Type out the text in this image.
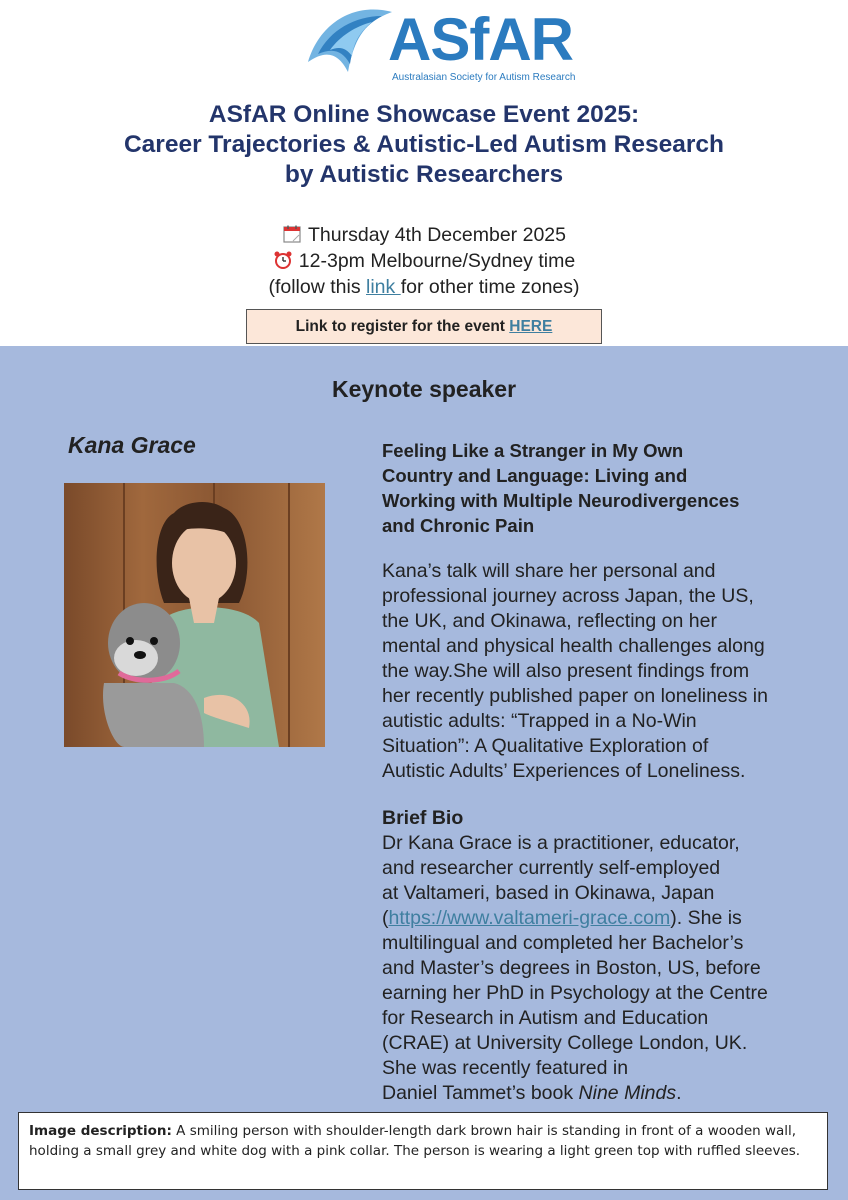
ASfAR
Australasian Society for Autism Research
ASfAR Online Showcase Event 2025:
Career Trajectories & Autistic-Led Autism Research
by Autistic Researchers
Thursday 4th December 2025
12-3pm Melbourne/Sydney time
(follow this link for other time zones)
Link to register for the event HERE
Keynote speaker
Kana Grace	Feeling Like a Stranger in My Own
Country and Language: Living and
Working with Multiple Neurodivergences
and Chronic Pain
Kana’s talk will share her personal and
professional journey across Japan, the US,
the UK, and Okinawa, reflecting on her
mental and physical health challenges along
the way.She will also present findings from
her recently published paper on loneliness in
autistic adults: “Trapped in a No-Win
Situation”: A Qualitative Exploration of
Autistic Adults’ Experiences of Loneliness.
Brief Bio
Dr Kana Grace is a practitioner, educator,
and researcher currently self-employed
at Valtameri, based in Okinawa, Japan
(https://www.valtameri-grace.com). She is
multilingual and completed her Bachelor’s
and Master’s degrees in Boston, US, before
earning her PhD in Psychology at the Centre
for Research in Autism and Education
(CRAE) at University College London, UK.
She was recently featured in
Daniel Tammet’s book Nine Minds.
Image description: A smiling person with shoulder-length dark brown hair is standing in front of a wooden wall, holding a small grey and white dog with a pink collar. The person is wearing a light green top with ruffled sleeves.
